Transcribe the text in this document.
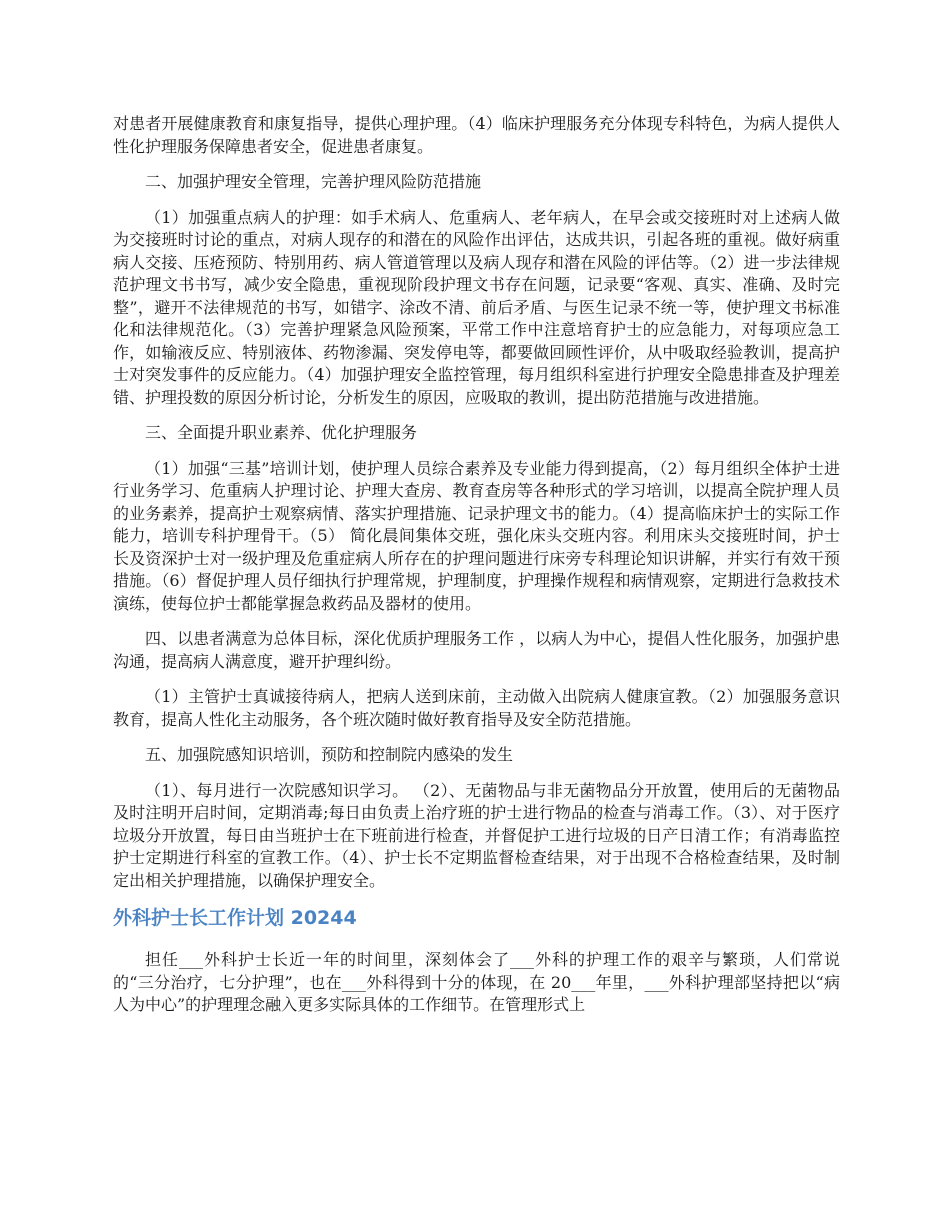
对患者开展健康教育和康复指导，提供心理护理。（4）临床护理服务充分体现专科特色，为病人提供人性化护理服务保障患者安全，促进患者康复。

二、加强护理安全管理，完善护理风险防范措施

（1）加强重点病人的护理：如手术病人、危重病人、老年病人，在早会或交接班时对上述病人做为交接班时讨论的重点，对病人现存的和潜在的风险作出评估，达成共识，引起各班的重视。做好病重病人交接、压疮预防、特别用药、病人管道管理以及病人现存和潜在风险的评估等。（2）进一步法律规范护理文书书写，减少安全隐患，重视现阶段护理文书存在问题，记录要“客观、真实、准确、及时完整”，避开不法律规范的书写，如错字、涂改不清、前后矛盾、与医生记录不统一等，使护理文书标准化和法律规范化。（3）完善护理紧急风险预案，平常工作中注意培育护士的应急能力，对每项应急工作，如输液反应、特别液体、药物渗漏、突发停电等，都要做回顾性评价，从中吸取经验教训，提高护士对突发事件的反应能力。（4）加强护理安全监控管理，每月组织科室进行护理安全隐患排查及护理差错、护理投数的原因分析讨论，分析发生的原因，应吸取的教训，提出防范措施与改进措施。

三、全面提升职业素养、优化护理服务

（1）加强“三基”培训计划，使护理人员综合素养及专业能力得到提高，（2）每月组织全体护士进行业务学习、危重病人护理讨论、护理大查房、教育查房等各种形式的学习培训，以提高全院护理人员的业务素养，提高护士观察病情、落实护理措施、记录护理文书的能力。（4）提高临床护士的实际工作能力，培训专科护理骨干。（5） 简化晨间集体交班，强化床头交班内容。利用床头交接班时间，护士长及资深护士对一级护理及危重症病人所存在的护理问题进行床旁专科理论知识讲解，并实行有效干预措施。（6）督促护理人员仔细执行护理常规，护理制度，护理操作规程和病情观察，定期进行急救技术演练，使每位护士都能掌握急救药品及器材的使用。

四、以患者满意为总体目标，深化优质护理服务工作 ，以病人为中心，提倡人性化服务，加强护患沟通，提高病人满意度，避开护理纠纷。

（1）主管护士真诚接待病人，把病人送到床前，主动做入出院病人健康宣教。（2）加强服务意识教育，提高人性化主动服务，各个班次随时做好教育指导及安全防范措施。

五、加强院感知识培训，预防和控制院内感染的发生

（1）、每月进行一次院感知识学习。 （2）、无菌物品与非无菌物品分开放置，使用后的无菌物品及时注明开启时间，定期消毒;每日由负责上治疗班的护士进行物品的检查与消毒工作。（3）、对于医疗垃圾分开放置，每日由当班护士在下班前进行检查，并督促护工进行垃圾的日产日清工作；有消毒监控护士定期进行科室的宣教工作。（4）、护士长不定期监督检查结果，对于出现不合格检查结果，及时制定出相关护理措施，以确保护理安全。

外科护士长工作计划 20244

担任___外科护士长近一年的时间里，深刻体会了___外科的护理工作的艰辛与繁琐，人们常说的“三分治疗，七分护理”，也在___外科得到十分的体现，在 20___年里，___外科护理部坚持把以“病人为中心”的护理理念融入更多实际具体的工作细节。在管理形式上
